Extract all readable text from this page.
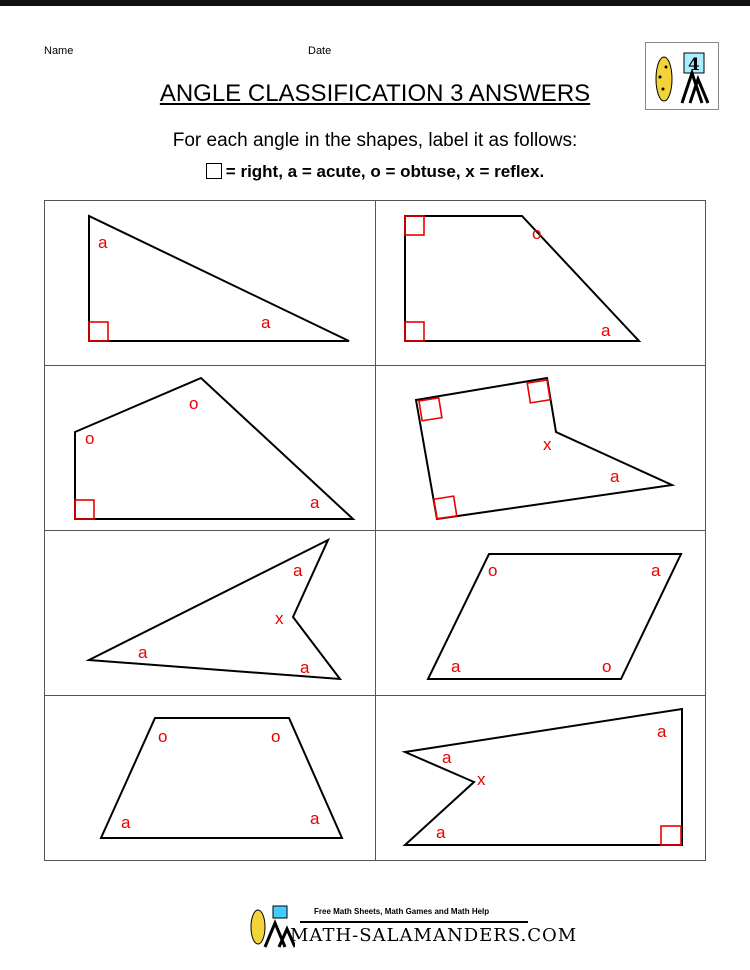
Name	Date
4
ANGLE CLASSIFICATION 3 ANSWERS
For each angle in the shapes, label it as follows:
= right, a = acute, o = obtuse, x = reflex.
a
a
o
a
o
o
a
x
a
a
x
a
a
o	a
a	o
o	o
a	a
a
a
x
a
Free Math Sheets, Math Games and Math Help
MATH-SALAMANDERS.COM
